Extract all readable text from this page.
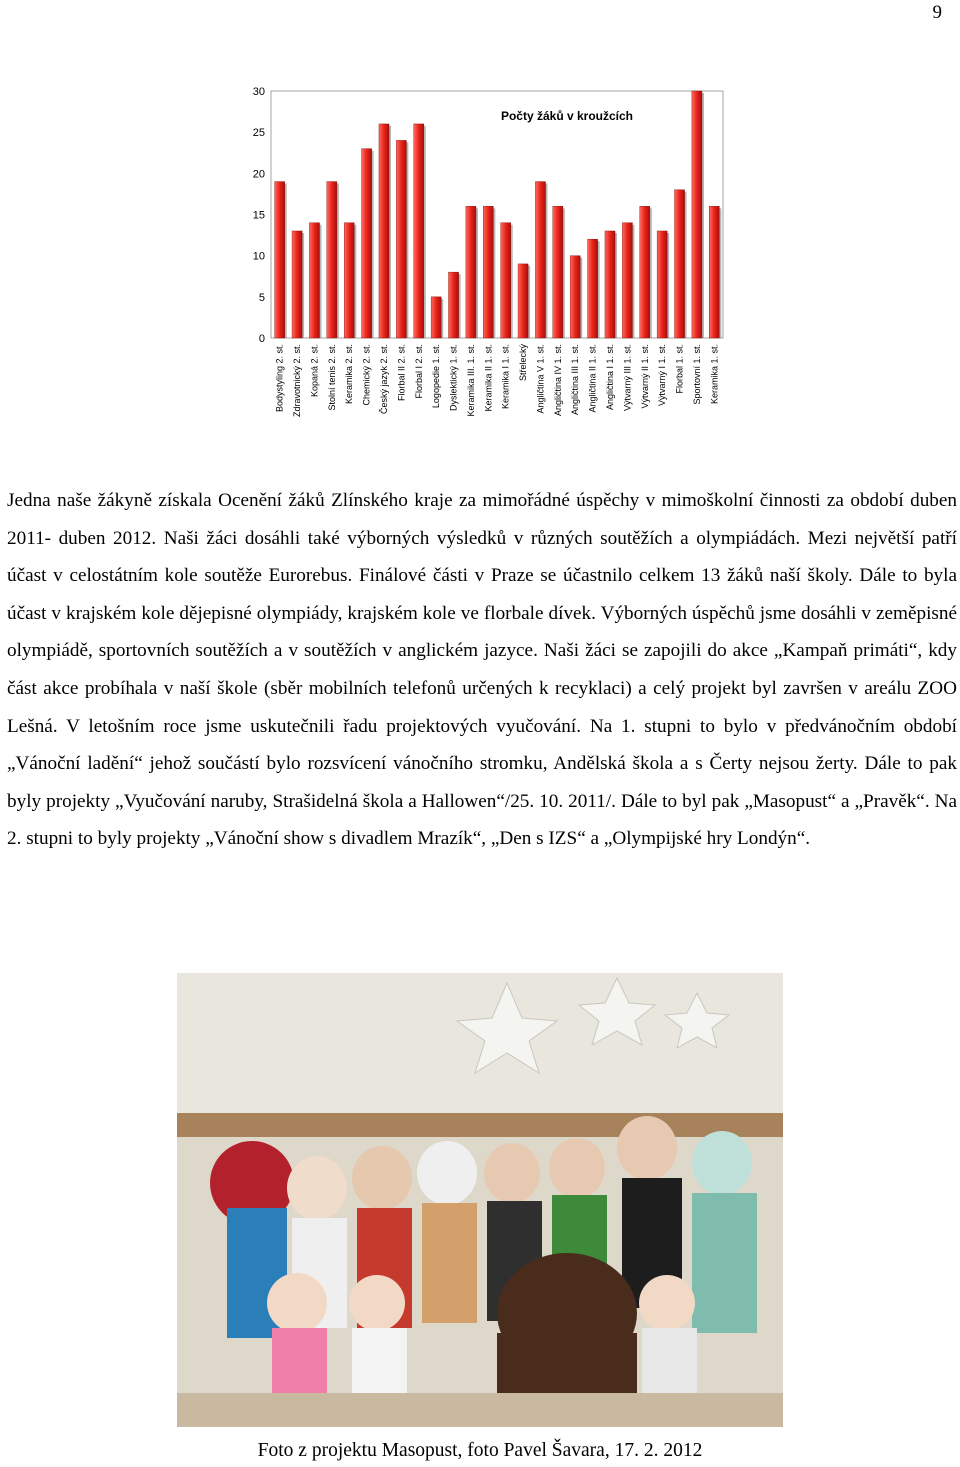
9
0
5
10
15
20
25
30
Bodystyling 2. st. Zdravotnický 2. st. Kopaná 2. st. Stolní tenis 2. st. Keramika 2. st. Chemický 2. st. Český jazyk 2. st. Florbal II 2. st. Florbal I 2. st. Logopedie 1. st. Dyslektický 1. st. Keramika III. 1. st. Keramika II 1. st. Keramika I 1. st. Střelecký Angličtina V 1. st. Angličtina IV 1. st. Angličtina III 1. st. Angličtina II 1. st. Angličtina I 1. st. Výtvarný III 1. st. Výtvarný II 1. st. Výtvarný I 1. st. Florbal 1. st. Sportovní 1. st. Keramika 1. st.
Počty žáků v kroužcích

Jedna naše žákyně získala Ocenění žáků Zlínského kraje za mimořádné úspěchy v mimoškolní činnosti za období duben 2011- duben 2012. Naši žáci dosáhli také výborných výsledků v různých soutěžích a olympiádách. Mezi největší patří účast v celostátním kole soutěže Eurorebus. Finálové části v Praze se účastnilo celkem 13 žáků naší školy. Dále to byla účast v krajském kole dějepisné olympiády, krajském kole ve florbale dívek. Výborných úspěchů jsme dosáhli v zeměpisné olympiádě, sportovních soutěžích a v soutěžích v anglickém jazyce. Naši žáci se zapojili do akce „Kampaň primáti“, kdy část akce probíhala v naší škole (sběr mobilních telefonů určených k recyklaci) a celý projekt byl završen v areálu ZOO Lešná. V letošním roce jsme uskutečnili řadu projektových vyučování. Na 1. stupni to bylo v předvánočním období „Vánoční ladění“ jehož součástí bylo rozsvícení vánočního stromku, Andělská škola a s Čerty nejsou žerty. Dále to pak byly projekty „Vyučování naruby, Strašidelná škola a Hallowen“/25. 10. 2011/. Dále to byl pak „Masopust“ a „Pravěk“. Na 2. stupni to byly projekty „Vánoční show s divadlem Mrazík“, „Den s IZS“ a „Olympijské hry Londýn“.

Foto z projektu Masopust, foto Pavel Šavara, 17. 2. 2012
